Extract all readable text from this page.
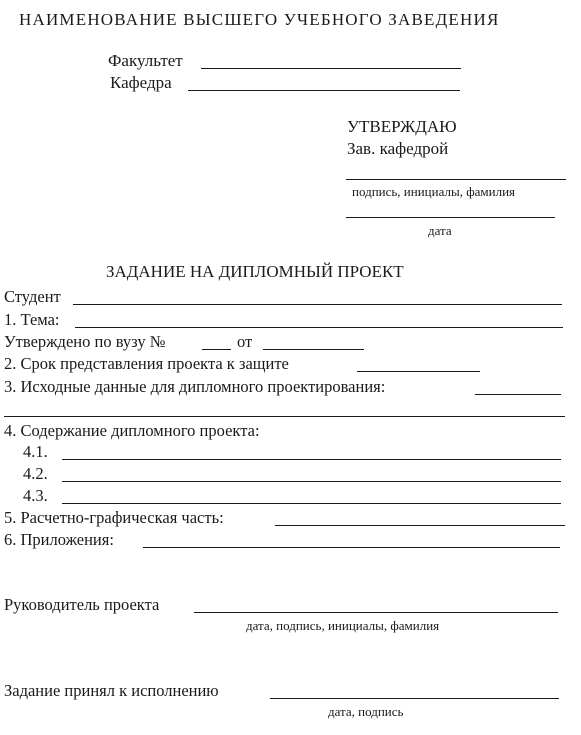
НАИМЕНОВАНИЕ ВЫСШЕГО УЧЕБНОГО ЗАВЕДЕНИЯ
Факультет
Кафедра
УТВЕРЖДАЮ
Зав. кафедрой
подпись, инициалы, фамилия
дата
ЗАДАНИЕ НА ДИПЛОМНЫЙ ПРОЕКТ
Студент
1. Тема:
Утверждено по вузу №	от
2. Срок представления проекта к защите
3. Исходные данные для дипломного проектирования:
4. Содержание дипломного проекта:
4.1.
4.2.
4.3.
5. Расчетно-графическая часть:
6. Приложения:
Руководитель проекта
дата, подпись, инициалы, фамилия
Задание принял к исполнению
дата, подпись
